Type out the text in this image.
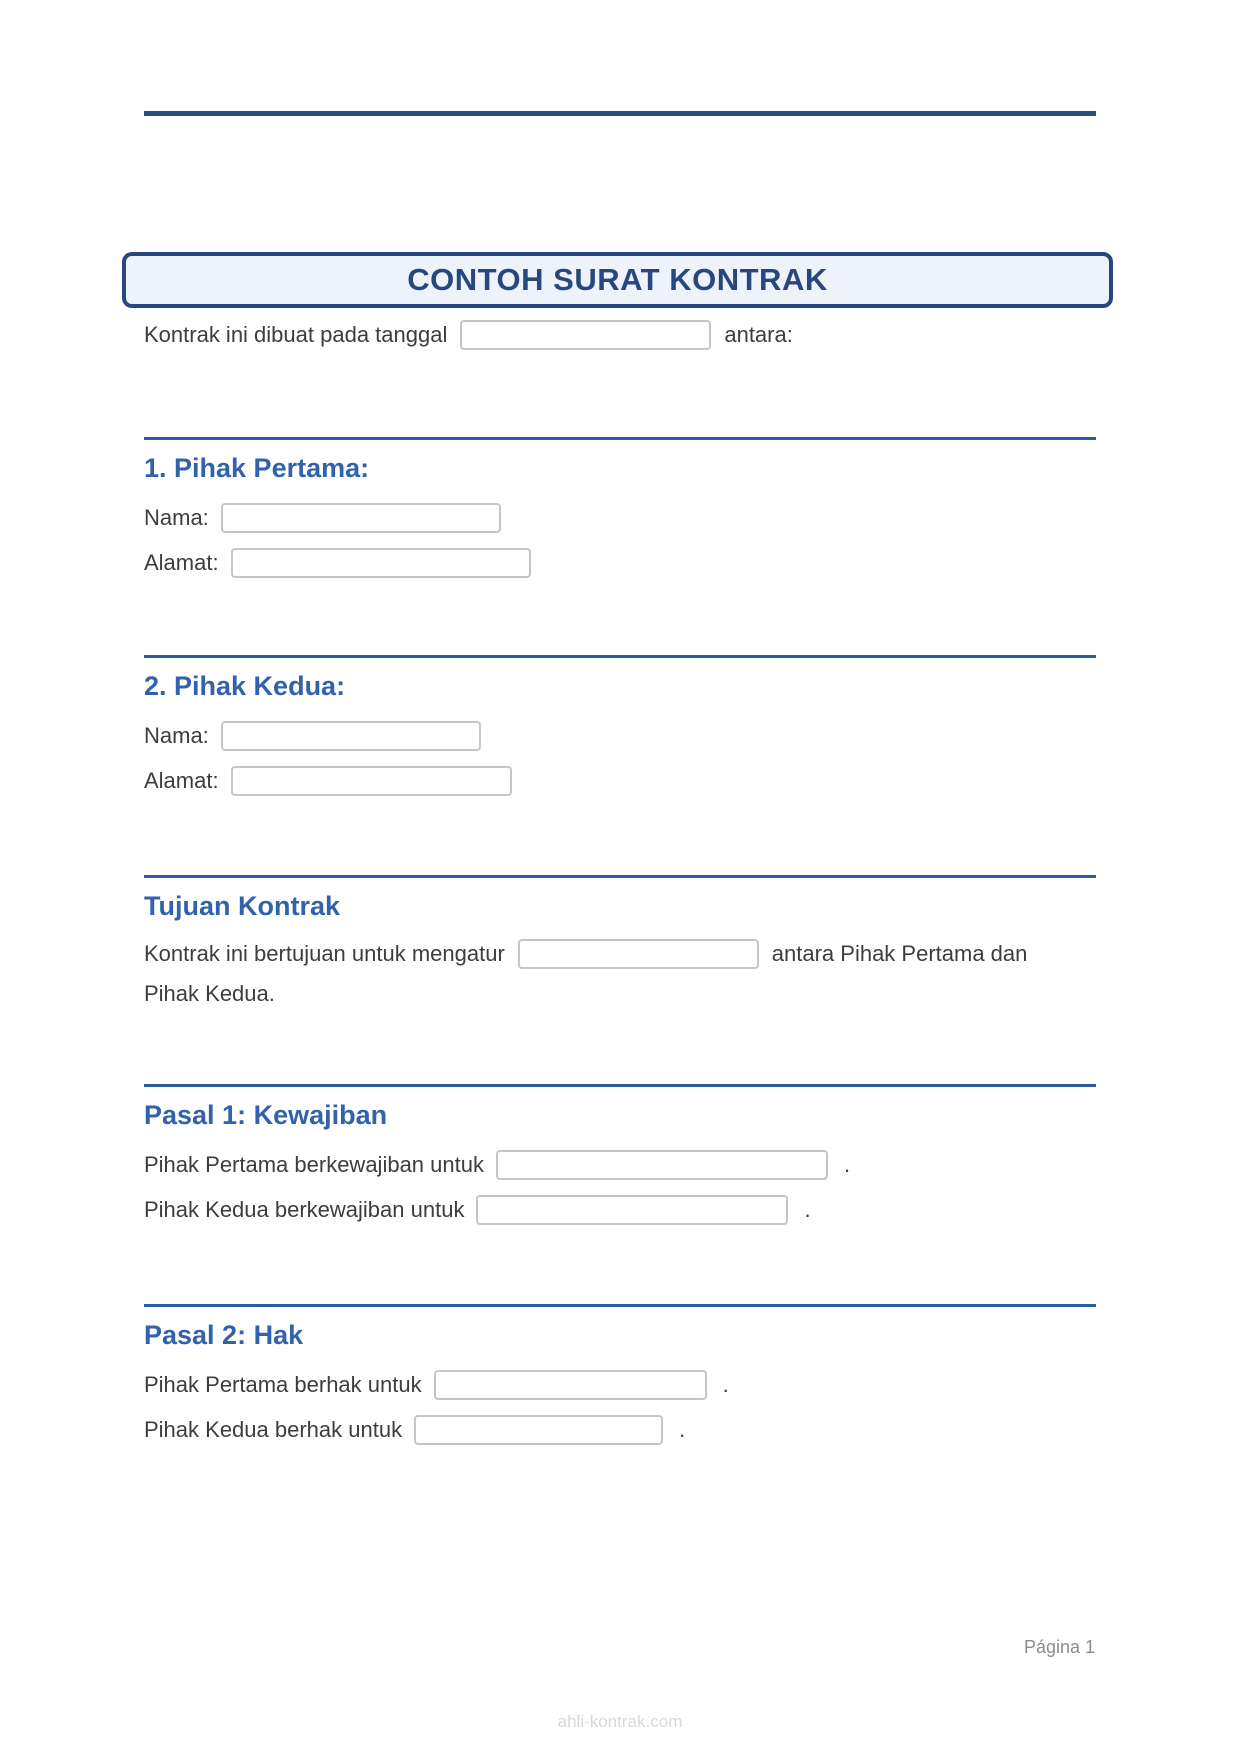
CONTOH SURAT KONTRAK
Kontrak ini dibuat pada tanggal	antara:
1. Pihak Pertama:
Nama:
Alamat:
2. Pihak Kedua:
Nama:
Alamat:
Tujuan Kontrak
Kontrak ini bertujuan untuk mengatur	antara Pihak Pertama dan
Pihak Kedua.
Pasal 1: Kewajiban
Pihak Pertama berkewajiban untuk	.
Pihak Kedua berkewajiban untuk	.
Pasal 2: Hak
Pihak Pertama berhak untuk	.
Pihak Kedua berhak untuk	.
Página 1
ahli-kontrak.com
